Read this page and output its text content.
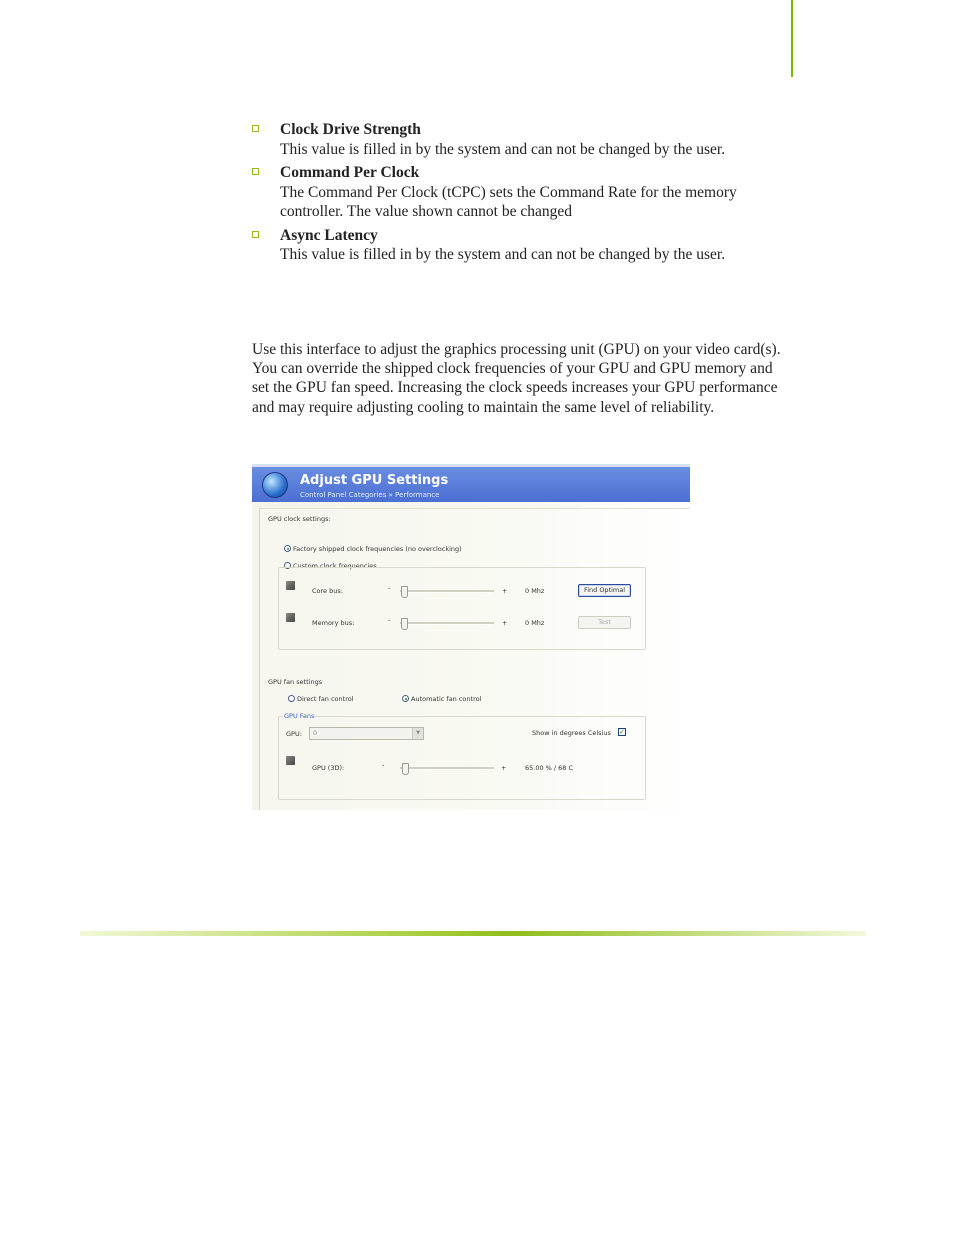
Clock Drive Strength
This value is filled in by the system and can not be changed by the user.
Command Per Clock
The Command Per Clock (tCPC) sets the Command Rate for the memory controller. The value shown cannot be changed
Async Latency
This value is filled in by the system and can not be changed by the user.

Use this interface to adjust the graphics processing unit (GPU) on your video card(s). You can override the shipped clock frequencies of your GPU and GPU memory and set the GPU fan speed. Increasing the clock speeds increases your GPU performance and may require adjusting cooling to maintain the same level of reliability.

Adjust GPU Settings
Control Panel Categories » Performance
GPU clock settings:
Factory shipped clock frequencies (no overclocking)
Custom clock frequencies
Core bus:	-	+	0 Mhz	Find Optimal
Memory bus:	-	+	0 Mhz	Test
GPU fan settings
Direct fan control	Automatic fan control
GPU Fans
GPU:	0	▼	Show in degrees Celsius ✓
GPU (3D):	-	+	65.00 % / 68 C
